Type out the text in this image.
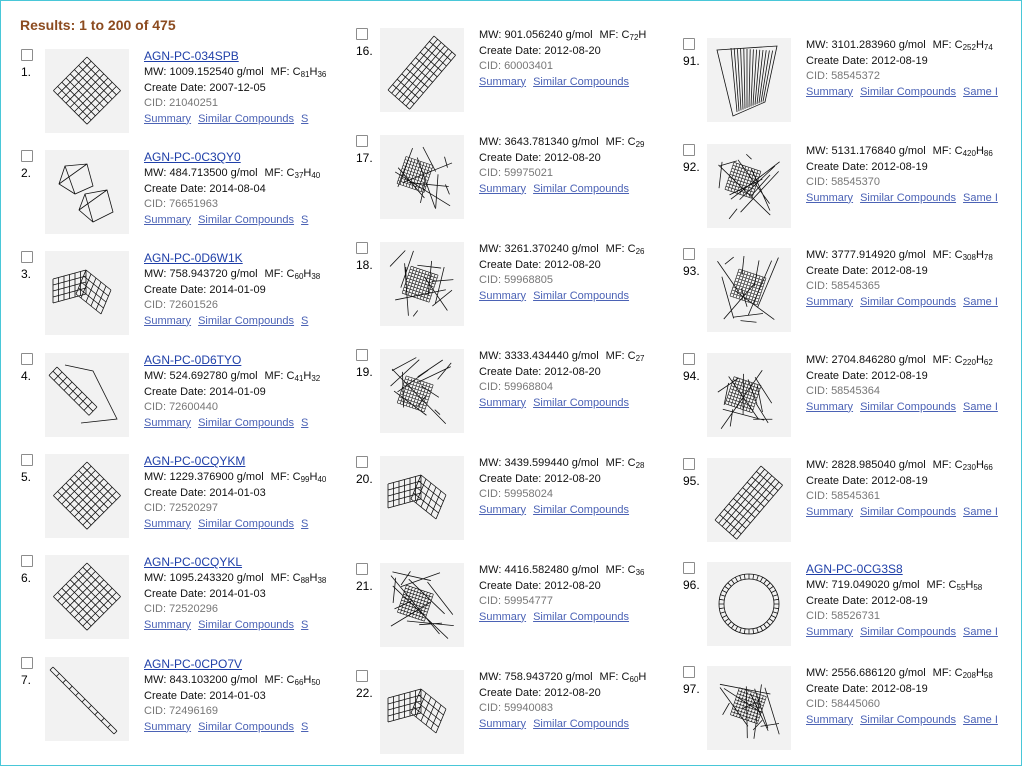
Results: 1 to 200 of 475
1.
AGN-PC-034SPB
MW: 1009.152540 g/mol MF: $C_{81}H_{36}$
Create Date: 2007-12-05
CID: 21040251
Summary Similar Compounds S
2.
AGN-PC-0C3QY0
MW: 484.713500 g/mol MF: $C_{37}H_{40}$
Create Date: 2014-08-04
CID: 76651963
Summary Similar Compounds S
3.
AGN-PC-0D6W1K
MW: 758.943720 g/mol MF: $C_{60}H_{38}$
Create Date: 2014-01-09
CID: 72601526
Summary Similar Compounds S
4.
AGN-PC-0D6TYO
MW: 524.692780 g/mol MF: $C_{41}H_{32}$
Create Date: 2014-01-09
CID: 72600440
Summary Similar Compounds S
5.
AGN-PC-0CQYKM
MW: 1229.376900 g/mol MF: $C_{99}H_{40}$
Create Date: 2014-01-03
CID: 72520297
Summary Similar Compounds S
6.
AGN-PC-0CQYKL
MW: 1095.243320 g/mol MF: $C_{88}H_{38}$
Create Date: 2014-01-03
CID: 72520296
Summary Similar Compounds S
7.
AGN-PC-0CPO7V
MW: 843.103200 g/mol MF: $C_{66}H_{50}$
Create Date: 2014-01-03
CID: 72496169
Summary Similar Compounds S
16.
MW: 901.056240 g/mol MF: $C_{72}H$
Create Date: 2012-08-20
CID: 60003401
Summary Similar Compounds
17.
MW: 3643.781340 g/mol MF: $C_{29}$
Create Date: 2012-08-20
CID: 59975021
Summary Similar Compounds
18.
MW: 3261.370240 g/mol MF: $C_{26}$
Create Date: 2012-08-20
CID: 59968805
Summary Similar Compounds
19.
MW: 3333.434440 g/mol MF: $C_{27}$
Create Date: 2012-08-20
CID: 59968804
Summary Similar Compounds
20.
MW: 3439.599440 g/mol MF: $C_{28}$
Create Date: 2012-08-20
CID: 59958024
Summary Similar Compounds
21.
MW: 4416.582480 g/mol MF: $C_{36}$
Create Date: 2012-08-20
CID: 59954777
Summary Similar Compounds
22.
MW: 758.943720 g/mol MF: $C_{60}H$
Create Date: 2012-08-20
CID: 59940083
Summary Similar Compounds
91.
MW: 3101.283960 g/mol MF: $C_{252}H_{74}$
Create Date: 2012-08-19
CID: 58545372
Summary Similar Compounds Same I
92.
MW: 5131.176840 g/mol MF: $C_{420}H_{86}$
Create Date: 2012-08-19
CID: 58545370
Summary Similar Compounds Same I
93.
MW: 3777.914920 g/mol MF: $C_{308}H_{78}$
Create Date: 2012-08-19
CID: 58545365
Summary Similar Compounds Same I
94.
MW: 2704.846280 g/mol MF: $C_{220}H_{62}$
Create Date: 2012-08-19
CID: 58545364
Summary Similar Compounds Same I
95.
MW: 2828.985040 g/mol MF: $C_{230}H_{66}$
Create Date: 2012-08-19
CID: 58545361
Summary Similar Compounds Same I
96.
AGN-PC-0CG3S8
MW: 719.049020 g/mol MF: $C_{55}H_{58}$
Create Date: 2012-08-19
CID: 58526731
Summary Similar Compounds Same I
97.
MW: 2556.686120 g/mol MF: $C_{208}H_{58}$
Create Date: 2012-08-19
CID: 58445060
Summary Similar Compounds Same I
